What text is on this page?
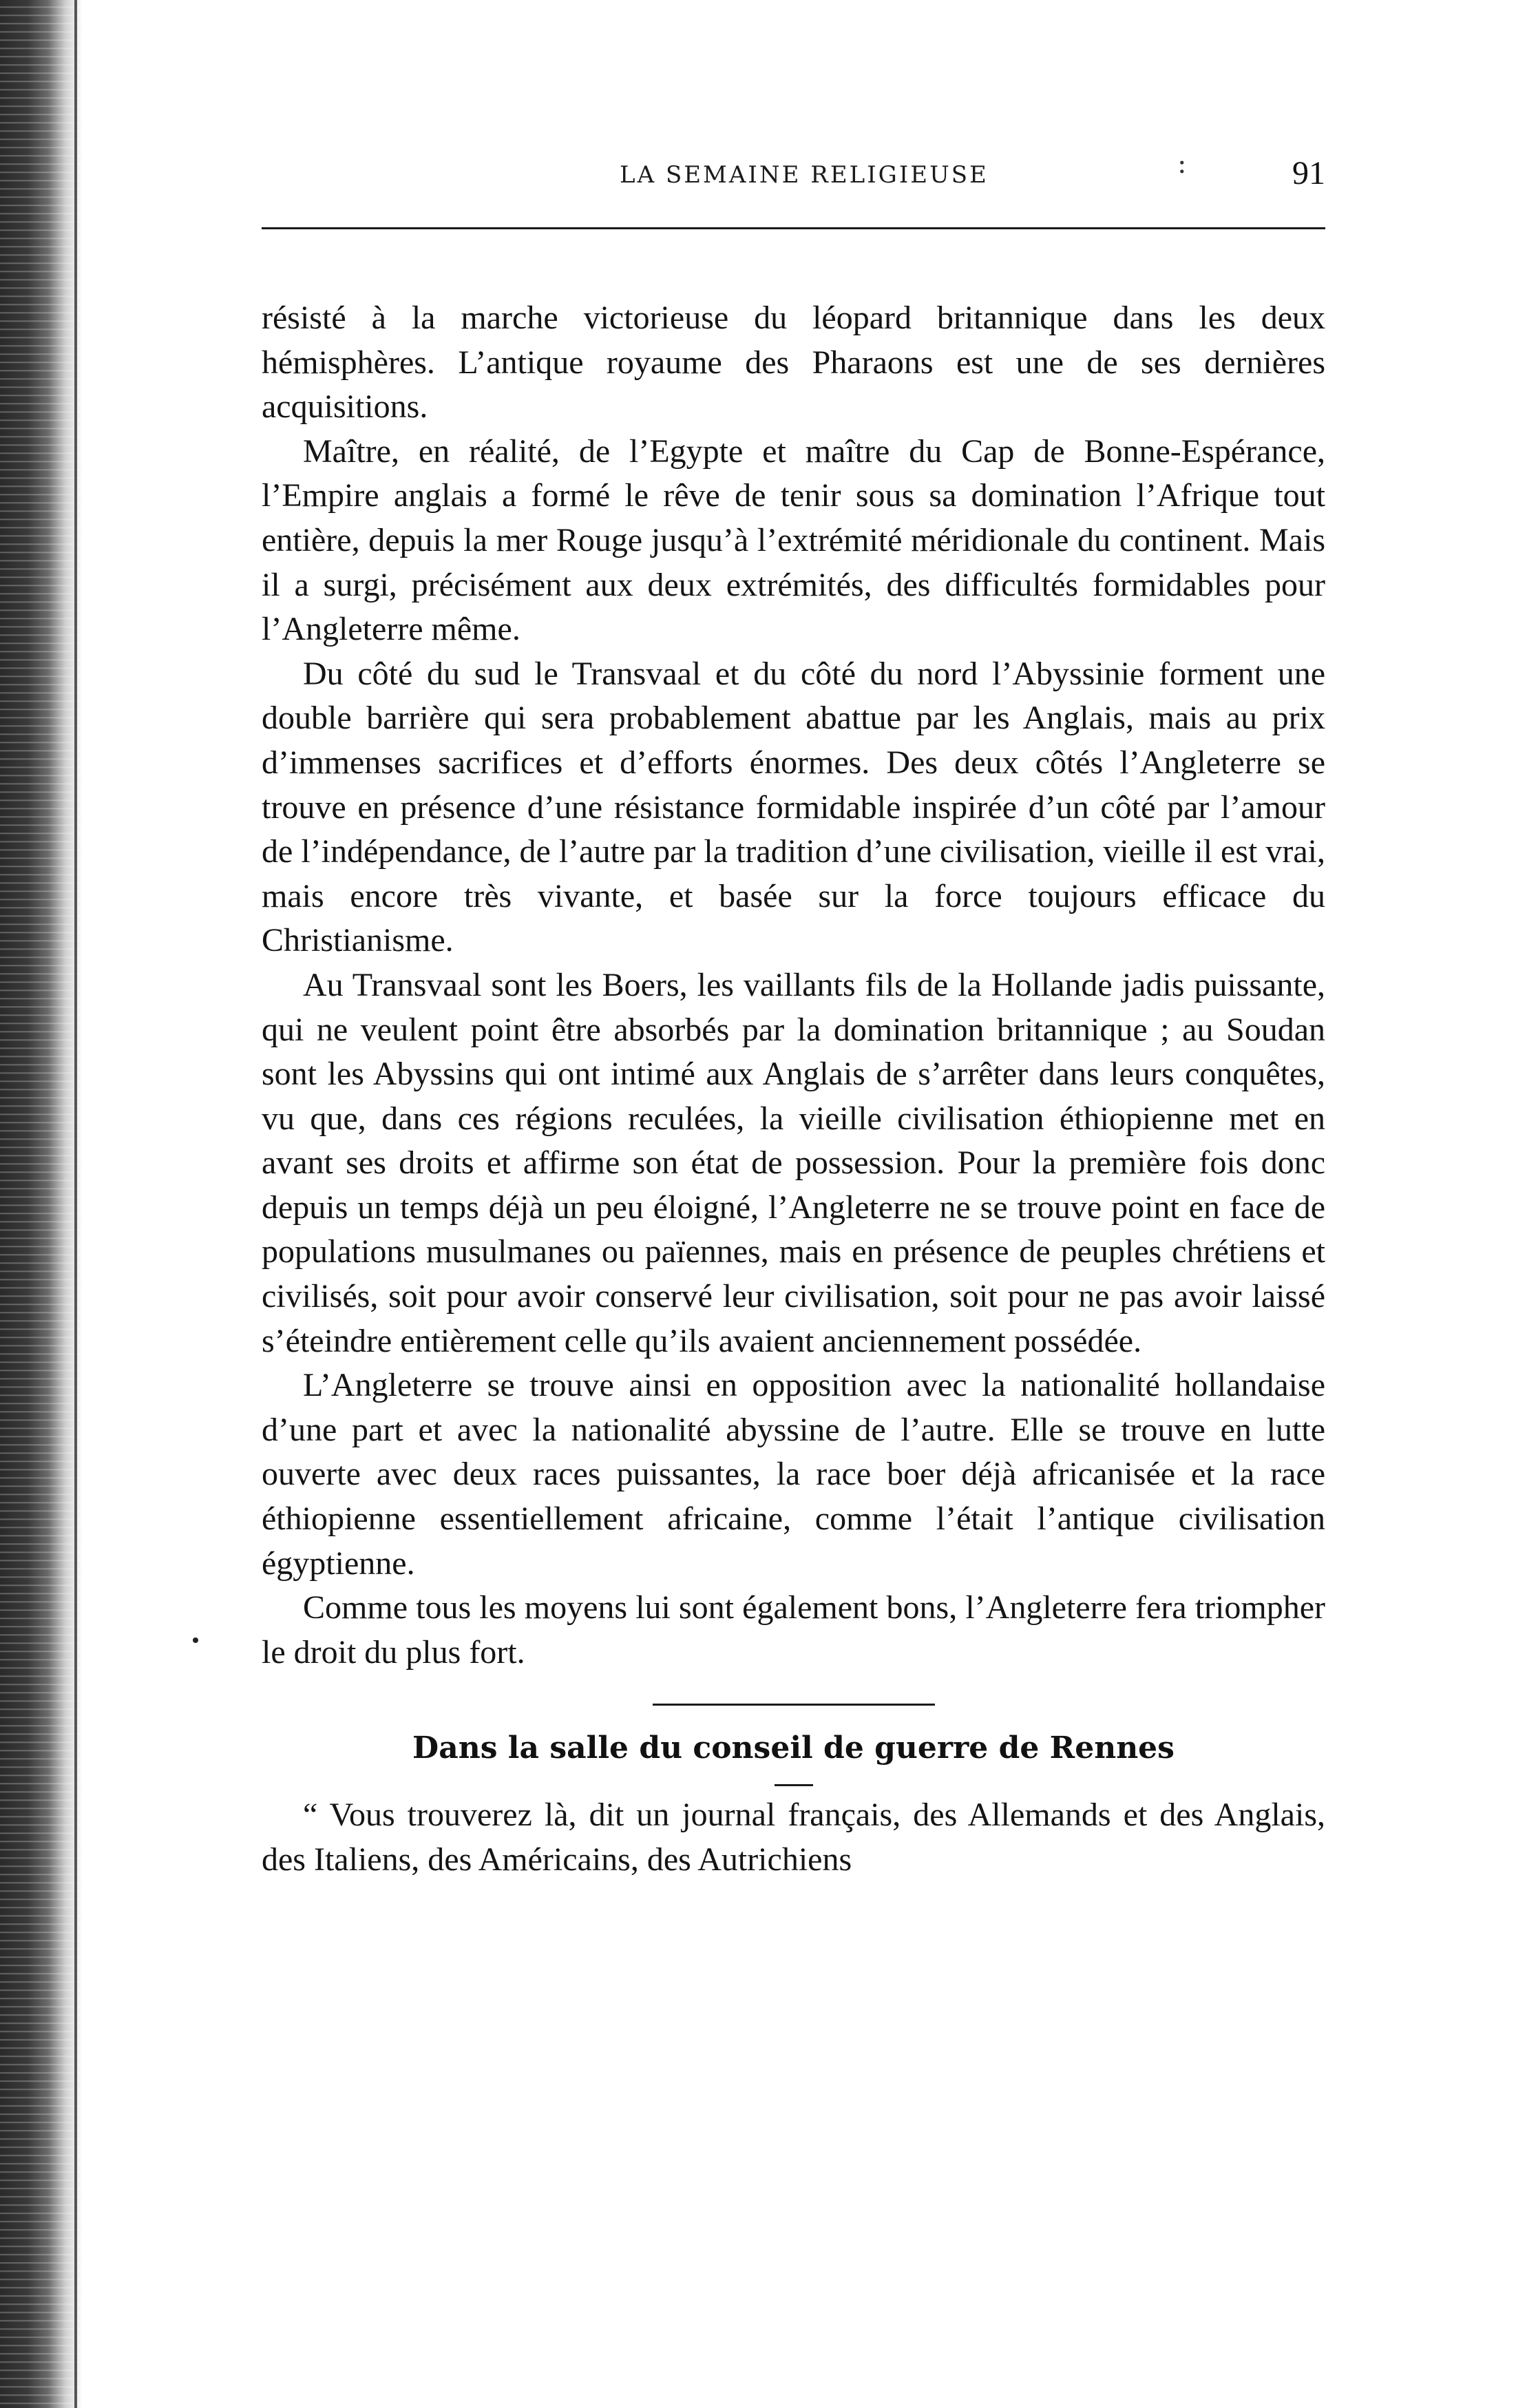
LA SEMAINE RELIGIEUSE	:	91

résisté à la marche victorieuse du léopard britannique dans les deux hémisphères. L’antique royaume des Pharaons est une de ses dernières acquisitions.

Maître, en réalité, de l’Egypte et maître du Cap de Bonne-Espérance, l’Empire anglais a formé le rêve de tenir sous sa domination l’Afrique tout entière, depuis la mer Rouge jusqu’à l’extrémité méridionale du continent. Mais il a surgi, précisément aux deux extrémités, des difficultés formidables pour l’Angleterre même.

Du côté du sud le Transvaal et du côté du nord l’Abyssinie forment une double barrière qui sera probablement abattue par les Anglais, mais au prix d’immenses sacrifices et d’efforts énormes. Des deux côtés l’Angleterre se trouve en présence d’une résistance formidable inspirée d’un côté par l’amour de l’indépendance, de l’autre par la tradition d’une civilisation, vieille il est vrai, mais encore très vivante, et basée sur la force toujours efficace du Christianisme.

Au Transvaal sont les Boers, les vaillants fils de la Hollande jadis puissante, qui ne veulent point être absorbés par la domination britannique ; au Soudan sont les Abyssins qui ont intimé aux Anglais de s’arrêter dans leurs conquêtes, vu que, dans ces régions reculées, la vieille civilisation éthiopienne met en avant ses droits et affirme son état de possession. Pour la première fois donc depuis un temps déjà un peu éloigné, l’Angleterre ne se trouve point en face de populations musulmanes ou païennes, mais en présence de peuples chrétiens et civilisés, soit pour avoir conservé leur civilisation, soit pour ne pas avoir laissé s’éteindre entièrement celle qu’ils avaient anciennement possédée.

L’Angleterre se trouve ainsi en opposition avec la nationalité hollandaise d’une part et avec la nationalité abyssine de l’autre. Elle se trouve en lutte ouverte avec deux races puissantes, la race boer déjà africanisée et la race éthiopienne essentiellement africaine, comme l’était l’antique civilisation égyptienne.

Comme tous les moyens lui sont également bons, l’Angleterre fera triompher le droit du plus fort.

Dans la salle du conseil de guerre de Rennes

“ Vous trouverez là, dit un journal français, des Allemands et des Anglais, des Italiens, des Américains, des Autrichiens
